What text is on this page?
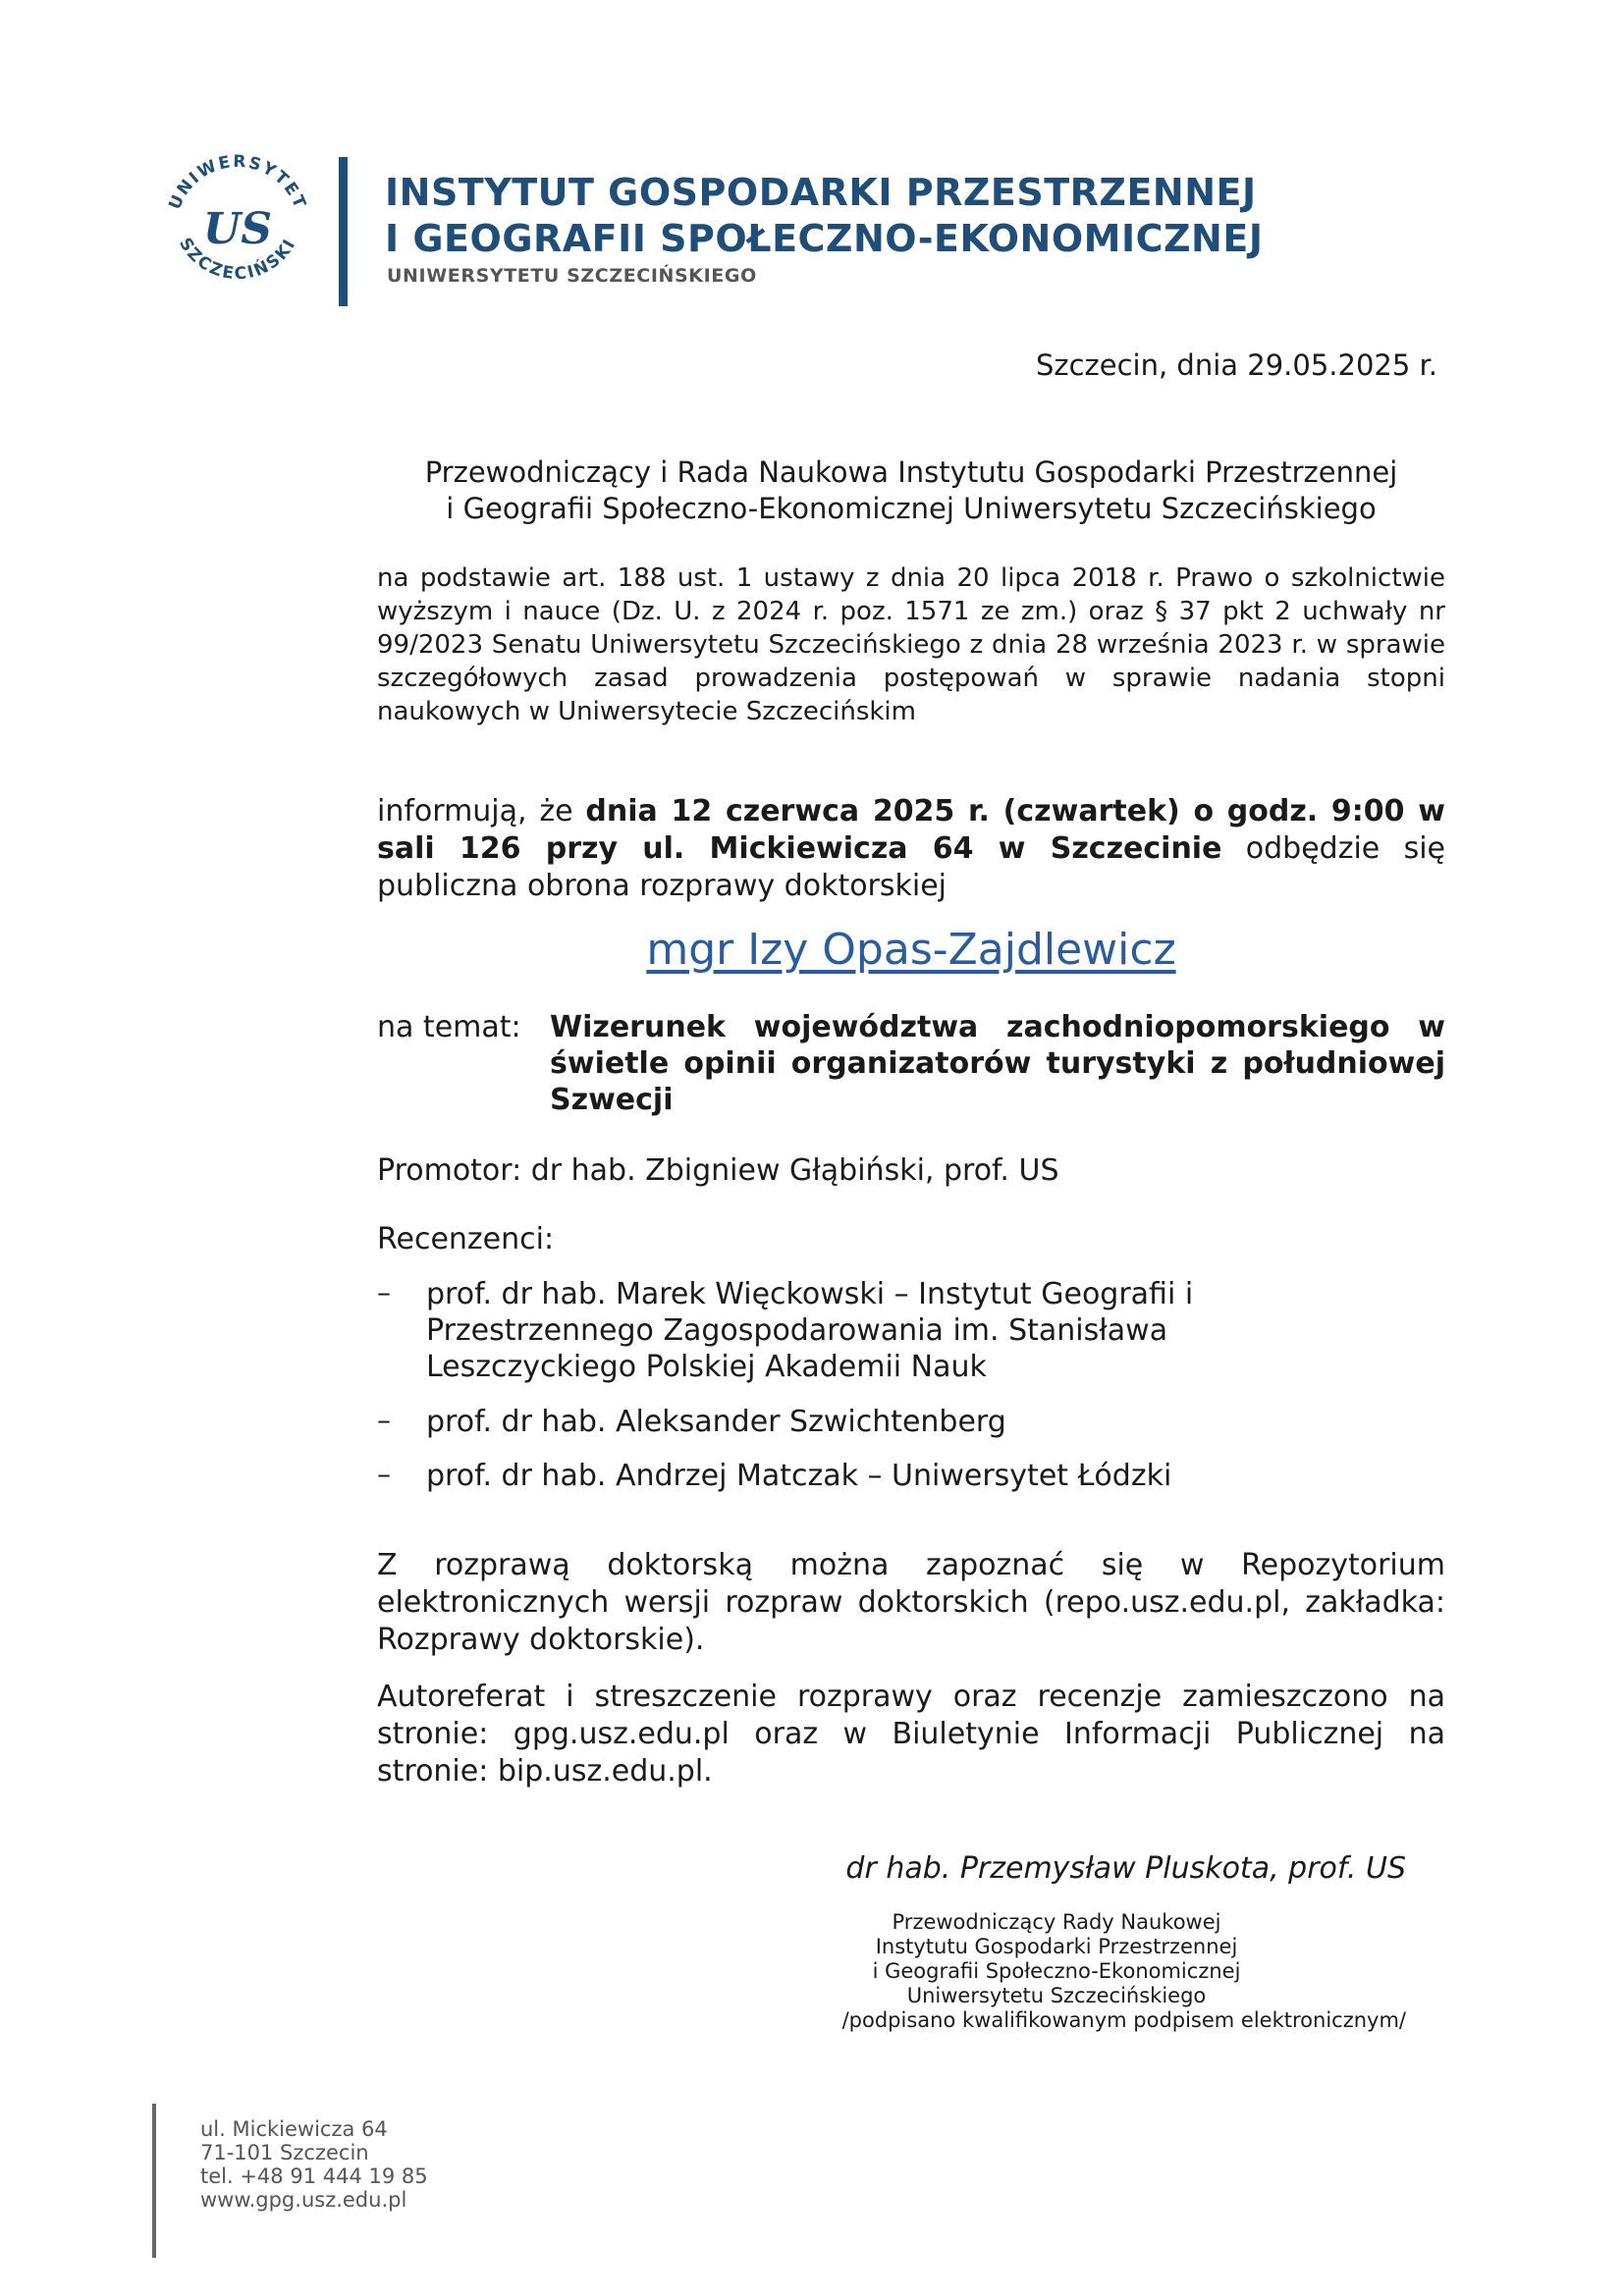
UNIWERSYTET
SZCZECIŃSKI
US
INSTYTUT GOSPODARKI PRZESTRZENNEJ
I GEOGRAFII SPOŁECZNO-EKONOMICZNEJ
UNIWERSYTETU SZCZECIŃSKIEGO
Szczecin, dnia 29.05.2025 r.
Przewodniczący i Rada Naukowa Instytutu Gospodarki Przestrzennej
i Geografii Społeczno-Ekonomicznej Uniwersytetu Szczecińskiego
na podstawie art. 188 ust. 1 ustawy z dnia 20 lipca 2018 r. Prawo o szkolnictwie wyższym i nauce (Dz. U. z 2024 r. poz. 1571 ze zm.) oraz § 37 pkt 2 uchwały nr 99/2023 Senatu Uniwersytetu Szczecińskiego z dnia 28 września 2023 r. w sprawie szczegółowych zasad prowadzenia postępowań w sprawie nadania stopni naukowych w Uniwersytecie Szczecińskim
informują, że dnia 12 czerwca 2025 r. (czwartek) o godz. 9:00 w sali 126 przy ul. Mickiewicza 64 w Szczecinie odbędzie się publiczna obrona rozprawy doktorskiej
mgr Izy Opas-Zajdlewicz
na temat: Wizerunek województwa zachodniopomorskiego w świetle opinii organizatorów turystyki z południowej Szwecji
Promotor: dr hab. Zbigniew Głąbiński, prof. US
Recenzenci:
– prof. dr hab. Marek Więckowski – Instytut Geografii i Przestrzennego Zagospodarowania im. Stanisława Leszczyckiego Polskiej Akademii Nauk
– prof. dr hab. Aleksander Szwichtenberg
– prof. dr hab. Andrzej Matczak – Uniwersytet Łódzki
Z rozprawą doktorską można zapoznać się w Repozytorium elektronicznych wersji rozpraw doktorskich (repo.usz.edu.pl, zakładka: Rozprawy doktorskie).
Autoreferat i streszczenie rozprawy oraz recenzje zamieszczono na stronie: gpg.usz.edu.pl oraz w Biuletynie Informacji Publicznej na stronie: bip.usz.edu.pl.
dr hab. Przemysław Pluskota, prof. US
Przewodniczący Rady Naukowej
Instytutu Gospodarki Przestrzennej
i Geografii Społeczno-Ekonomicznej
Uniwersytetu Szczecińskiego
/podpisano kwalifikowanym podpisem elektronicznym/
ul. Mickiewicza 64
71-101 Szczecin
tel. +48 91 444 19 85
www.gpg.usz.edu.pl
